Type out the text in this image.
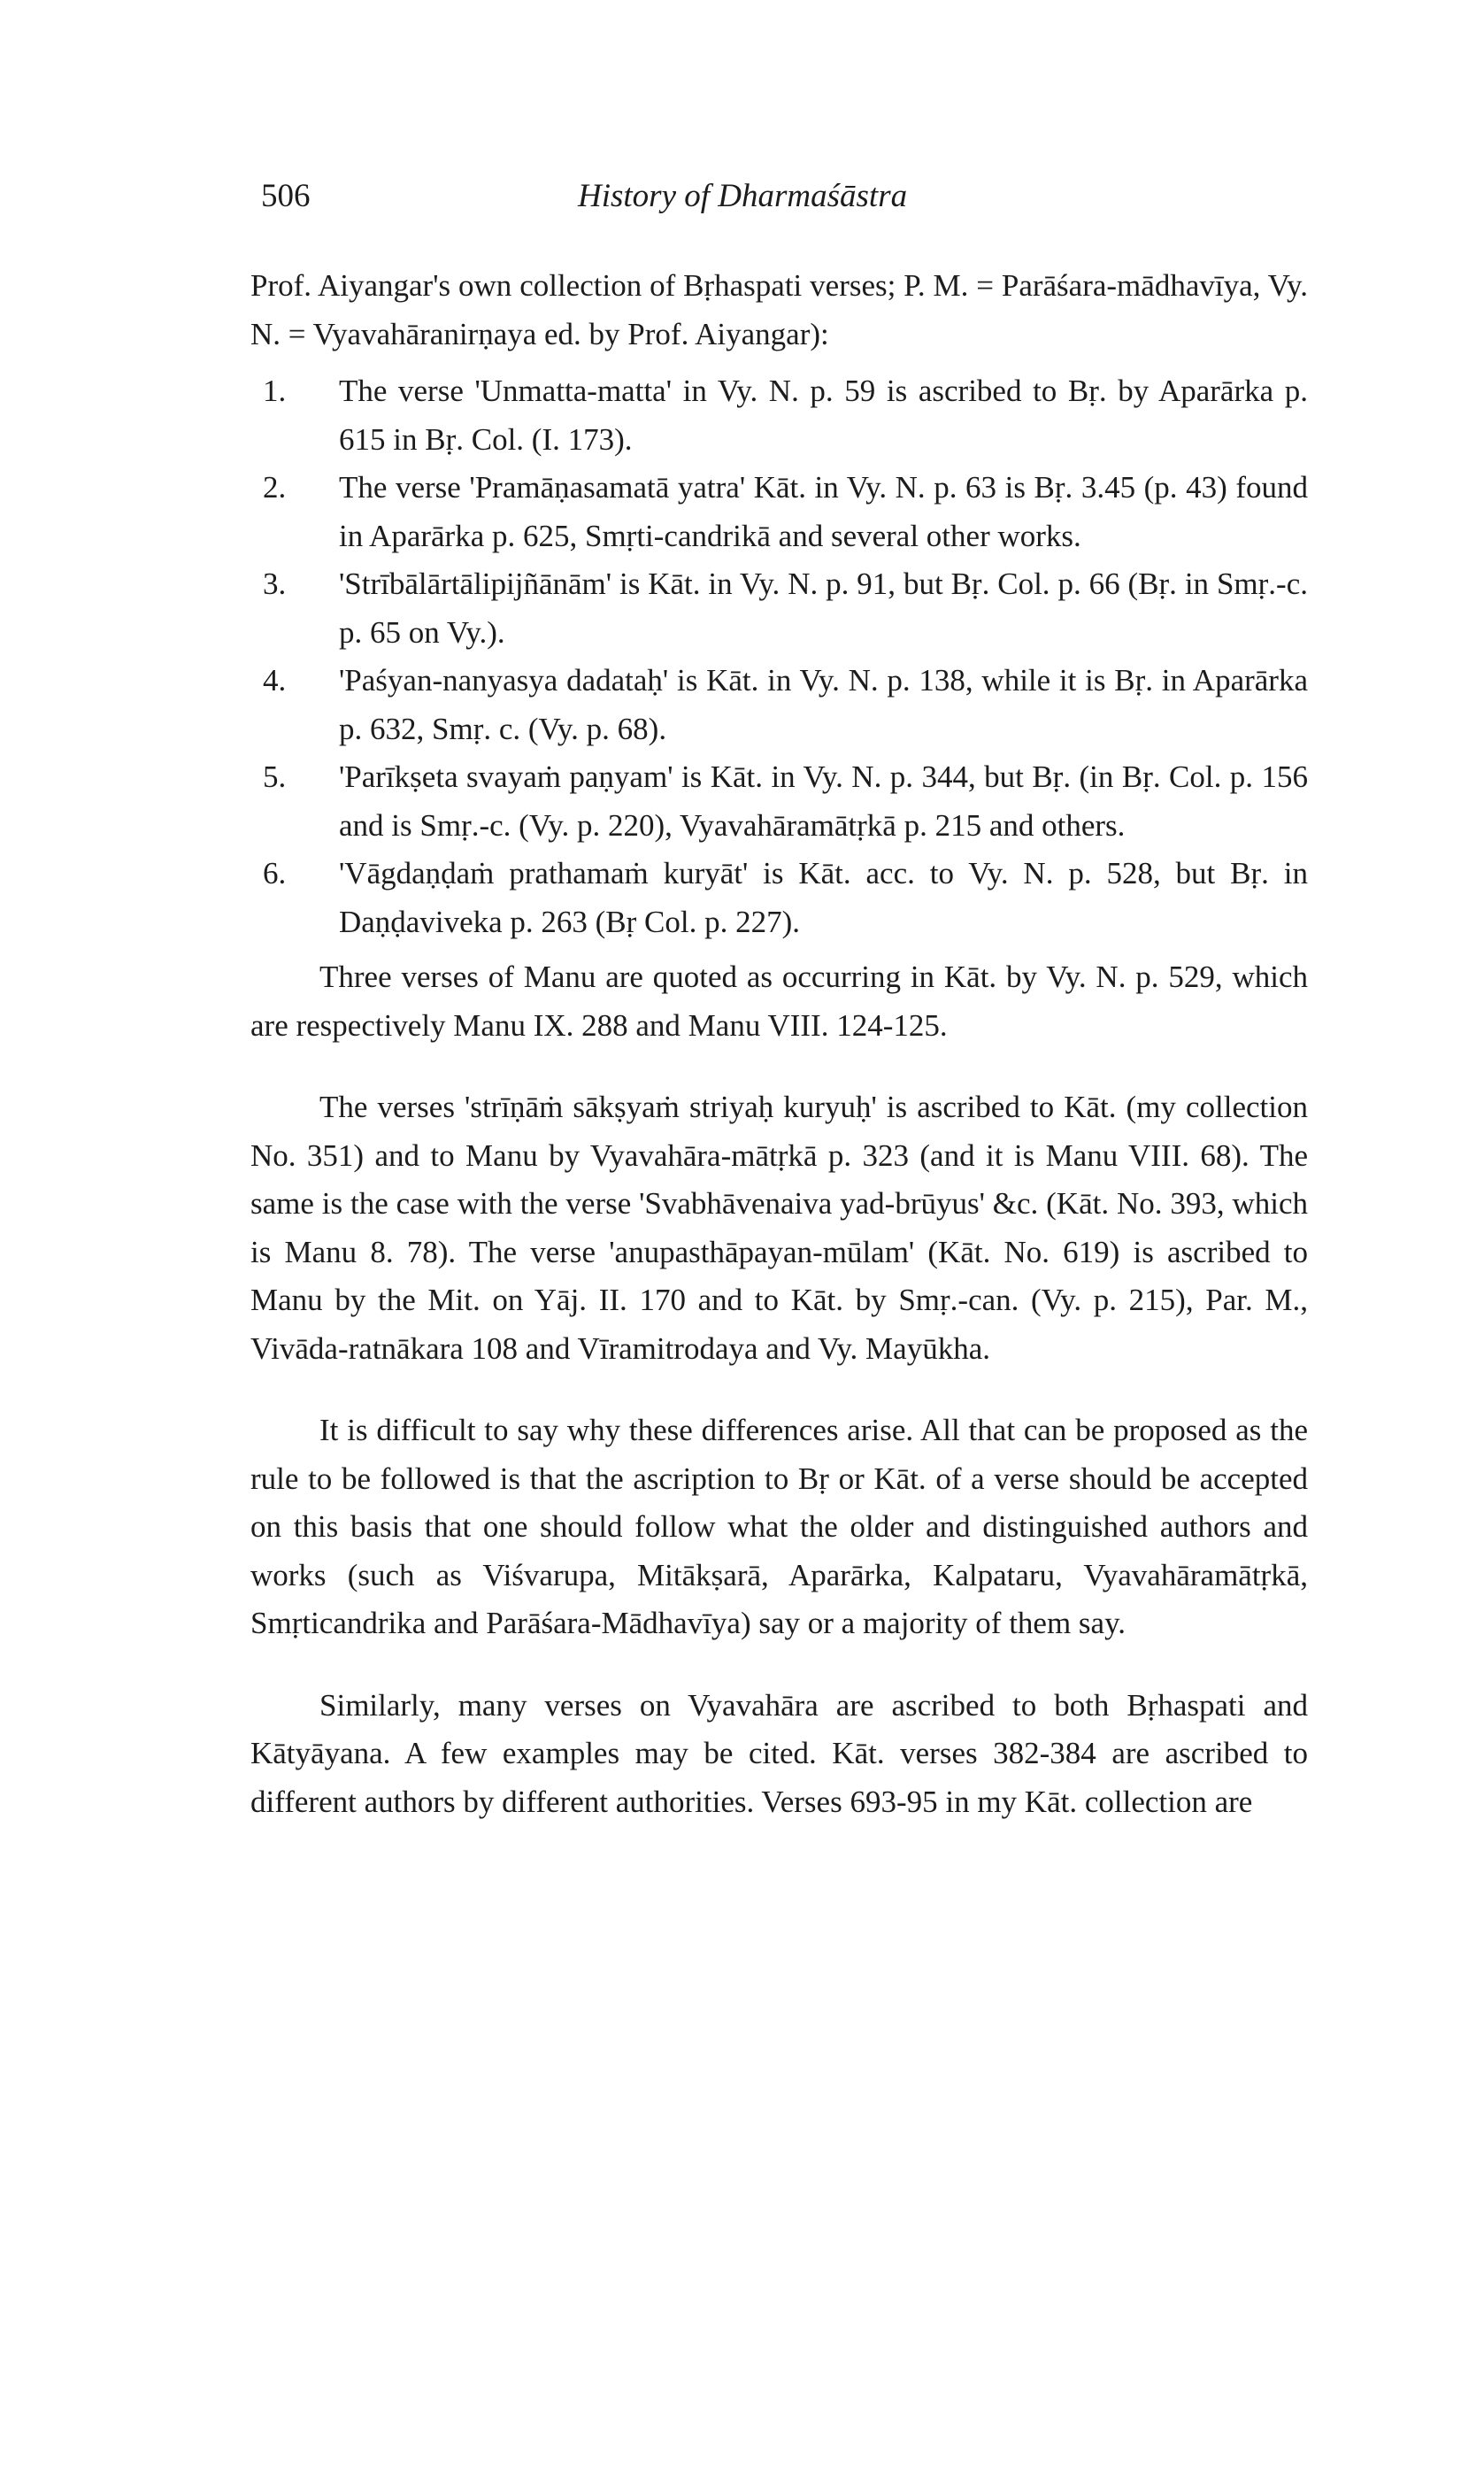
506	History of Dharmaśāstra

Prof. Aiyangar's own collection of Bṛhaspati verses; P. M. = Parāśara-mādhavīya, Vy. N. = Vyavahāranirṇaya ed. by Prof. Aiyangar):

1. The verse 'Unmatta-matta' in Vy. N. p. 59 is ascribed to Bṛ. by Aparārka p. 615 in Bṛ. Col. (I. 173).

2. The verse 'Pramāṇasamatā yatra' Kāt. in Vy. N. p. 63 is Bṛ. 3.45 (p. 43) found in Aparārka p. 625, Smṛti-candrikā and several other works.

3. 'Strībālārtālipijñānām' is Kāt. in Vy. N. p. 91, but Bṛ. Col. p. 66 (Bṛ. in Smṛ.-c. p. 65 on Vy.).

4. 'Paśyan-nanyasya dadataḥ' is Kāt. in Vy. N. p. 138, while it is Bṛ. in Aparārka p. 632, Smṛ. c. (Vy. p. 68).

5. 'Parīkṣeta svayaṁ paṇyam' is Kāt. in Vy. N. p. 344, but Bṛ. (in Bṛ. Col. p. 156 and is Smṛ.-c. (Vy. p. 220), Vyavahāramātṛkā p. 215 and others.

6. 'Vāgdaṇḍaṁ prathamaṁ kuryāt' is Kāt. acc. to Vy. N. p. 528, but Bṛ. in Daṇḍaviveka p. 263 (Bṛ Col. p. 227).

Three verses of Manu are quoted as occurring in Kāt. by Vy. N. p. 529, which are respectively Manu IX. 288 and Manu VIII. 124-125.

The verses 'strīṇāṁ sākṣyaṁ striyaḥ kuryuḥ' is ascribed to Kāt. (my collection No. 351) and to Manu by Vyavahāra-mātṛkā p. 323 (and it is Manu VIII. 68). The same is the case with the verse 'Svabhāvenaiva yad-brūyus' &c. (Kāt. No. 393, which is Manu 8. 78). The verse 'anupasthāpayan-mūlam' (Kāt. No. 619) is ascribed to Manu by the Mit. on Yāj. II. 170 and to Kāt. by Smṛ.-can. (Vy. p. 215), Par. M., Vivāda-ratnākara 108 and Vīramitrodaya and Vy. Mayūkha.

It is difficult to say why these differences arise. All that can be proposed as the rule to be followed is that the ascription to Bṛ or Kāt. of a verse should be accepted on this basis that one should follow what the older and distinguished authors and works (such as Viśvarupa, Mitākṣarā, Aparārka, Kalpataru, Vyavahāramātṛkā, Smṛticandrika and Parāśara-Mādhavīya) say or a majority of them say.

Similarly, many verses on Vyavahāra are ascribed to both Bṛhaspati and Kātyāyana. A few examples may be cited. Kāt. verses 382-384 are ascribed to different authors by different authorities. Verses 693-95 in my Kāt. collection are
